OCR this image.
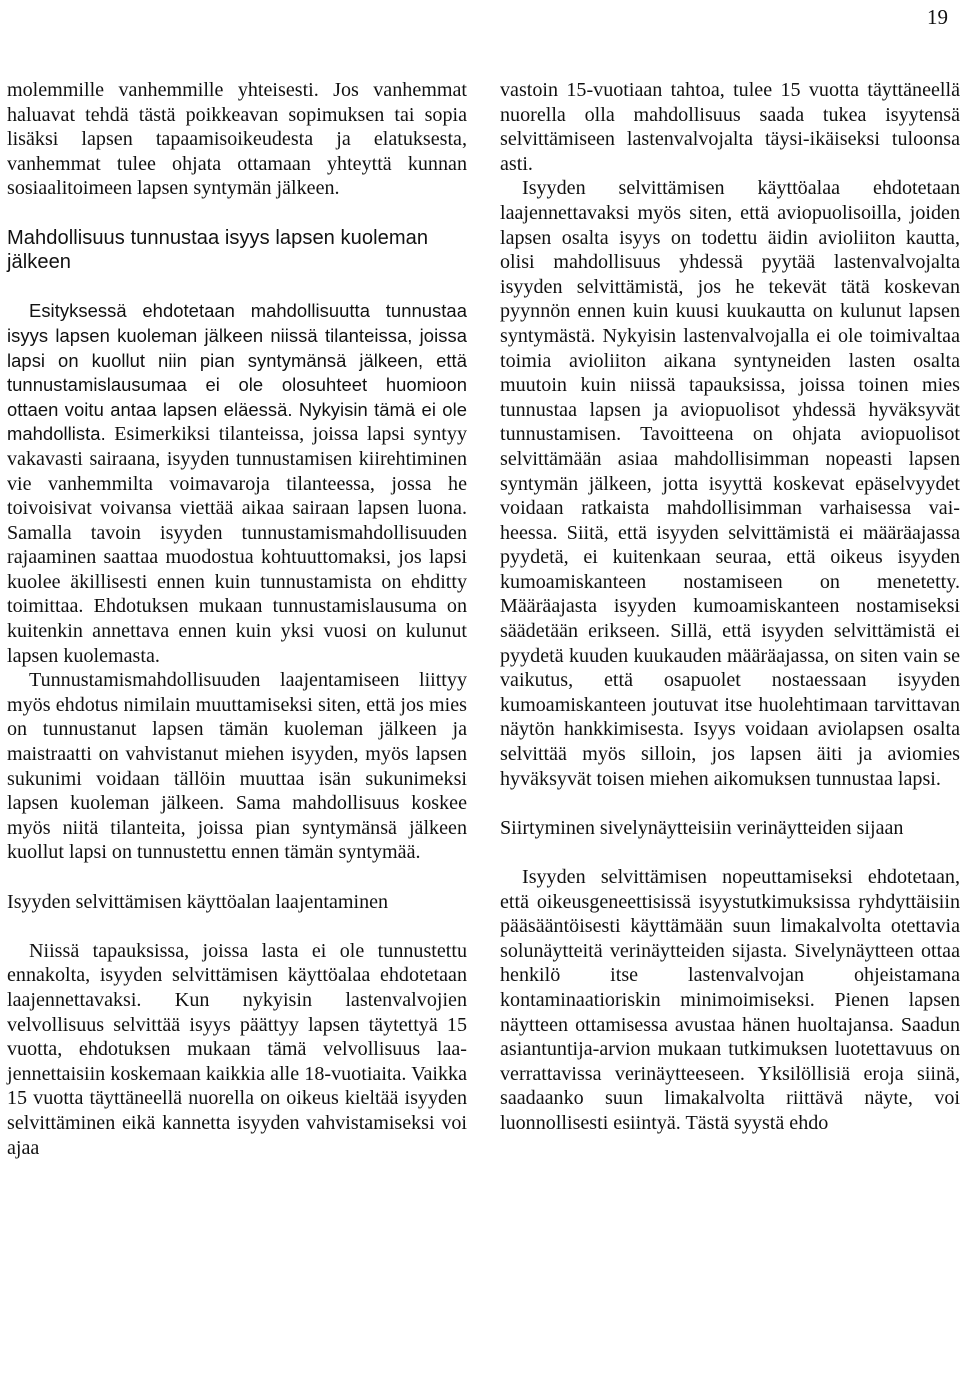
19

molemmille vanhemmille yhteisesti. Jos vanhemmat haluavat tehdä tästä poikkeavan sopimuksen tai sopia lisäksi lapsen tapaamisoikeudesta ja elatuksesta, vanhemmat tulee ohjata ottamaan yhteyttä kunnan sosiaalitoimeen lapsen syntymän jälkeen.

Mahdollisuus tunnustaa isyys lapsen kuoleman jälkeen

Esityksessä ehdotetaan mahdollisuutta tunnustaa isyys lapsen kuoleman jälkeen niissä tilanteissa, joissa lapsi on kuollut niin pian syntymänsä jälkeen, että tunnustamislausumaa ei ole olosuhteet huomioon ottaen voitu antaa lapsen eläessä. Nykyisin tämä ei ole mahdollista. Esimerkiksi tilanteissa, joissa lapsi syntyy vakavasti sairaana, isyyden tunnustamisen kiirehtiminen vie vanhemmilta voimavaroja tilanteessa, jossa he toivoisivat voivansa viettää aikaa sairaan lapsen luona. Samalla tavoin isyyden tunnustamismahdollisuuden rajaaminen saattaa muodostua kohtuuttomaksi, jos lapsi kuolee äkillisesti ennen kuin tunnustamista on ehditty toimittaa. Ehdotuksen mukaan tunnustamislausuma on kuitenkin annettava ennen kuin yksi vuosi on kulunut lapsen kuolemasta.

Tunnustamismahdollisuuden laajentamiseen liittyy myös ehdotus nimilain muuttamiseksi siten, että jos mies on tunnustanut lapsen tämän kuoleman jälkeen ja maistraatti on vahvistanut miehen isyyden, myös lapsen sukunimi voidaan tällöin muuttaa isän sukunimeksi lapsen kuoleman jälkeen. Sama mahdollisuus koskee myös niitä tilanteita, joissa pian syntymänsä jälkeen kuollut lapsi on tunnustettu ennen tämän syntymää.

Isyyden selvittämisen käyttöalan laajentaminen

Niissä tapauksissa, joissa lasta ei ole tunnustettu ennakolta, isyyden selvittämisen käyttöalaa ehdotetaan laajennettavaksi. Kun nykyisin lastenvalvojien velvollisuus selvittää isyys päättyy lapsen täytettyä 15 vuotta, ehdotuksen mukaan tämä velvollisuus laajennettaisiin koskemaan kaikkia alle 18-vuotiaita. Vaikka 15 vuotta täyttäneellä nuorella on oikeus kieltää isyyden selvittäminen eikä kannetta isyyden vahvistamiseksi voi ajaa

vastoin 15-vuotiaan tahtoa, tulee 15 vuotta täyttäneellä nuorella olla mahdollisuus saada tukea isyytensä selvittämiseen lastenvalvojalta täysi-ikäiseksi tuloonsa asti.

Isyyden selvittämisen käyttöalaa ehdotetaan laajennettavaksi myös siten, että aviopuolisoilla, joiden lapsen osalta isyys on todettu äidin avioliiton kautta, olisi mahdollisuus yhdessä pyytää lastenvalvojalta isyyden selvittämistä, jos he tekevät tätä koskevan pyynnön ennen kuin kuusi kuukautta on kulunut lapsen syntymästä. Nykyisin lastenvalvojalla ei ole toimivaltaa toimia avioliiton aikana syntyneiden lasten osalta muutoin kuin niissä tapauksissa, joissa toinen mies tunnustaa lapsen ja aviopuolisot yhdessä hyväksyvät tunnustamisen. Tavoitteena on ohjata aviopuolisot selvittämään asiaa mahdollisimman nopeasti lapsen syntymän jälkeen, jotta isyyttä koskevat epäselvyydet voidaan ratkaista mahdollisimman varhaisessa vaiheessa. Siitä, että isyyden selvittämistä ei määräajassa pyydetä, ei kuitenkaan seuraa, että oikeus isyyden kumoamiskanteen nostamiseen on menetetty. Määräajasta isyyden kumoamiskanteen nostamiseksi säädetään erikseen. Sillä, että isyyden selvittämistä ei pyydetä kuuden kuukauden määräajassa, on siten vain se vaikutus, että osapuolet nostaessaan isyyden kumoamiskanteen joutuvat itse huolehtimaan tarvittavan näytön hankkimisesta. Isyys voidaan aviolapsen osalta selvittää myös silloin, jos lapsen äiti ja aviomies hyväksyvät toisen miehen aikomuksen tunnustaa lapsi.

Siirtyminen sivelynäytteisiin verinäytteiden sijaan

Isyyden selvittämisen nopeuttamiseksi ehdotetaan, että oikeusgeneettisissä isyystutkimuksissa ryhdyttäisiin pääsääntöisesti käyttämään suun limakalvolta otettavia solunäytteitä verinäytteiden sijasta. Sivelynäytteen ottaa henkilö itse lastenvalvojan ohjeistamana kontaminaatioriskin minimoimiseksi. Pienen lapsen näytteen ottamisessa avustaa hänen huoltajansa. Saadun asiantuntija-arvion mukaan tutkimuksen luotettavuus on verrattavissa verinäytteeseen. Yksilöllisiä eroja siinä, saadaanko suun limakalvolta riittävä näyte, voi luonnollisesti esiintyä. Tästä syystä ehdo
